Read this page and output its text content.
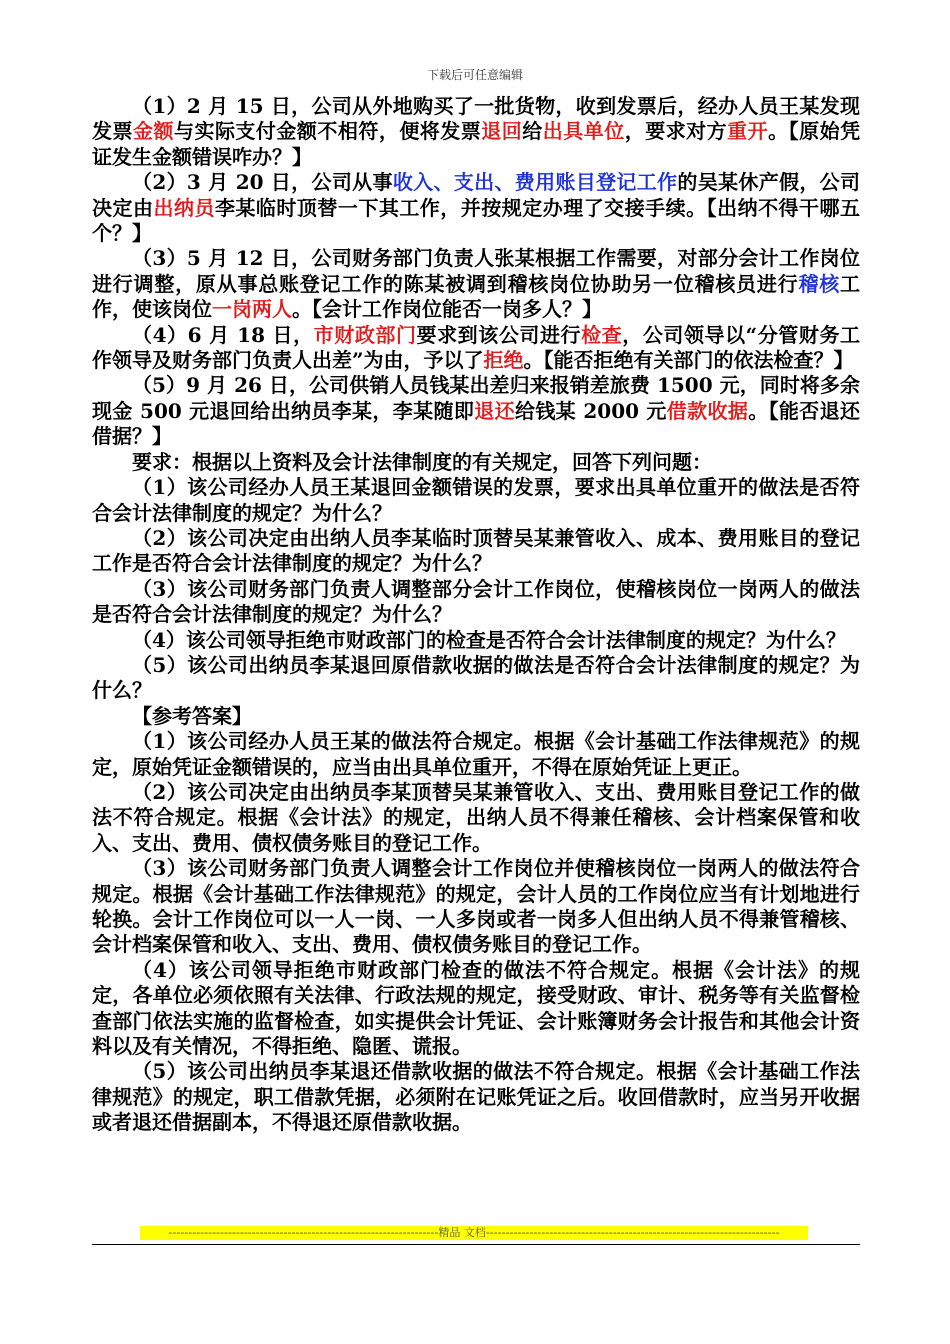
下载后可任意编辑

（1）2 月 15 日，公司从外地购买了一批货物，收到发票后，经办人员王某发现发票金额与实际支付金额不相符，便将发票退回给出具单位，要求对方重开。【原始凭证发生金额错误咋办？】

（2）3 月 20 日，公司从事收入、支出、费用账目登记工作的吴某休产假，公司决定由出纳员李某临时顶替一下其工作，并按规定办理了交接手续。【出纳不得干哪五个？】

（3）5 月 12 日，公司财务部门负责人张某根据工作需要，对部分会计工作岗位进行调整，原从事总账登记工作的陈某被调到稽核岗位协助另一位稽核员进行稽核工作，使该岗位一岗两人。【会计工作岗位能否一岗多人？】

（4）6 月 18 日，市财政部门要求到该公司进行检查，公司领导以“分管财务工作领导及财务部门负责人出差”为由，予以了拒绝。【能否拒绝有关部门的依法检查？】

（5）9 月 26 日，公司供销人员钱某出差归来报销差旅费 1500 元，同时将多余现金 500 元退回给出纳员李某，李某随即退还给钱某 2000 元借款收据。【能否退还借据？】

要求：根据以上资料及会计法律制度的有关规定，回答下列问题：

（1）该公司经办人员王某退回金额错误的发票，要求出具单位重开的做法是否符合会计法律制度的规定？为什么？

（2）该公司决定由出纳人员李某临时顶替吴某兼管收入、成本、费用账目的登记工作是否符合会计法律制度的规定？为什么？

（3）该公司财务部门负责人调整部分会计工作岗位，使稽核岗位一岗两人的做法是否符合会计法律制度的规定？为什么？

（4）该公司领导拒绝市财政部门的检查是否符合会计法律制度的规定？为什么？

（5）该公司出纳员李某退回原借款收据的做法是否符合会计法律制度的规定？为什么？

【参考答案】

（1）该公司经办人员王某的做法符合规定。根据《会计基础工作法律规范》的规定，原始凭证金额错误的，应当由出具单位重开，不得在原始凭证上更正。

（2）该公司决定由出纳员李某顶替吴某兼管收入、支出、费用账目登记工作的做法不符合规定。根据《会计法》的规定，出纳人员不得兼任稽核、会计档案保管和收入、支出、费用、债权债务账目的登记工作。

（3）该公司财务部门负责人调整会计工作岗位并使稽核岗位一岗两人的做法符合规定。根据《会计基础工作法律规范》的规定，会计人员的工作岗位应当有计划地进行轮换。会计工作岗位可以一人一岗、一人多岗或者一岗多人但出纳人员不得兼管稽核、会计档案保管和收入、支出、费用、债权债务账目的登记工作。

（4）该公司领导拒绝市财政部门检查的做法不符合规定。根据《会计法》的规定，各单位必须依照有关法律、行政法规的规定，接受财政、审计、税务等有关监督检查部门依法实施的监督检查，如实提供会计凭证、会计账簿财务会计报告和其他会计资料以及有关情况，不得拒绝、隐匿、谎报。

（5）该公司出纳员李某退还借款收据的做法不符合规定。根据《会计基础工作法律规范》的规定，职工借款凭据，必须附在记账凭证之后。收回借款时，应当另开收据或者退还借据副本，不得退还原借款收据。

--------------------------------------------------------------------精品 文档--------------------------------------------------------------------------
